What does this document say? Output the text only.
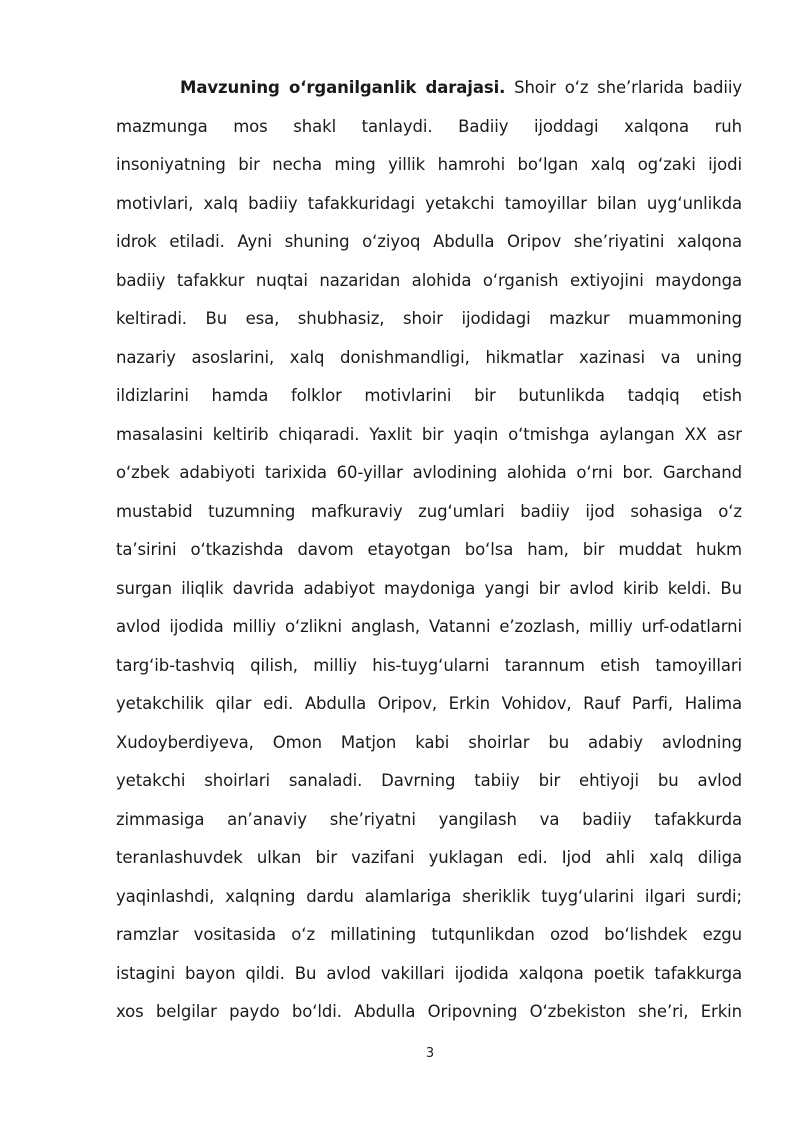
Mavzuning o‘rganilganlik darajasi. Shoir o‘z she’rlarida badiiy
mazmunga mos shakl tanlaydi. Badiiy ijoddagi xalqona ruh
insoniyatning bir necha ming yillik hamrohi bo‘lgan xalq og‘zaki ijodi
motivlari, xalq badiiy tafakkuridagi yetakchi tamoyillar bilan uyg‘unlikda
idrok etiladi. Ayni shuning o‘ziyoq Abdulla Oripov she’riyatini xalqona
badiiy tafakkur nuqtai nazaridan alohida o‘rganish extiyojini maydonga
keltiradi. Bu esa, shubhasiz, shoir ijodidagi mazkur muammoning
nazariy asoslarini, xalq donishmandligi, hikmatlar xazinasi va uning
ildizlarini hamda folklor motivlarini bir butunlikda tadqiq etish
masalasini keltirib chiqaradi. Yaxlit bir yaqin o‘tmishga aylangan XX asr
o‘zbek adabiyoti tarixida 60-yillar avlodining alohida o‘rni bor. Garchand
mustabid tuzumning mafkuraviy zug‘umlari badiiy ijod sohasiga o‘z
ta’sirini o‘tkazishda davom etayotgan bo‘lsa ham, bir muddat hukm
surgan iliqlik davrida adabiyot maydoniga yangi bir avlod kirib keldi. Bu
avlod ijodida milliy o‘zlikni anglash, Vatanni e’zozlash, milliy urf-odatlarni
targ‘ib-tashviq qilish, milliy his-tuyg‘ularni tarannum etish tamoyillari
yetakchilik qilar edi. Abdulla Oripov, Erkin Vohidov, Rauf Parfi, Halima
Xudoyberdiyeva, Omon Matjon kabi shoirlar bu adabiy avlodning
yetakchi shoirlari sanaladi. Davrning tabiiy bir ehtiyoji bu avlod
zimmasiga an’anaviy she’riyatni yangilash va badiiy tafakkurda
teranlashuvdek ulkan bir vazifani yuklagan edi. Ijod ahli xalq diliga
yaqinlashdi, xalqning dardu alamlariga sheriklik tuyg‘ularini ilgari surdi;
ramzlar vositasida o‘z millatining tutqunlikdan ozod bo‘lishdek ezgu
istagini bayon qildi. Bu avlod vakillari ijodida xalqona poetik tafakkurga
xos belgilar paydo bo‘ldi. Abdulla Oripovning O‘zbekiston she’ri, Erkin
3
